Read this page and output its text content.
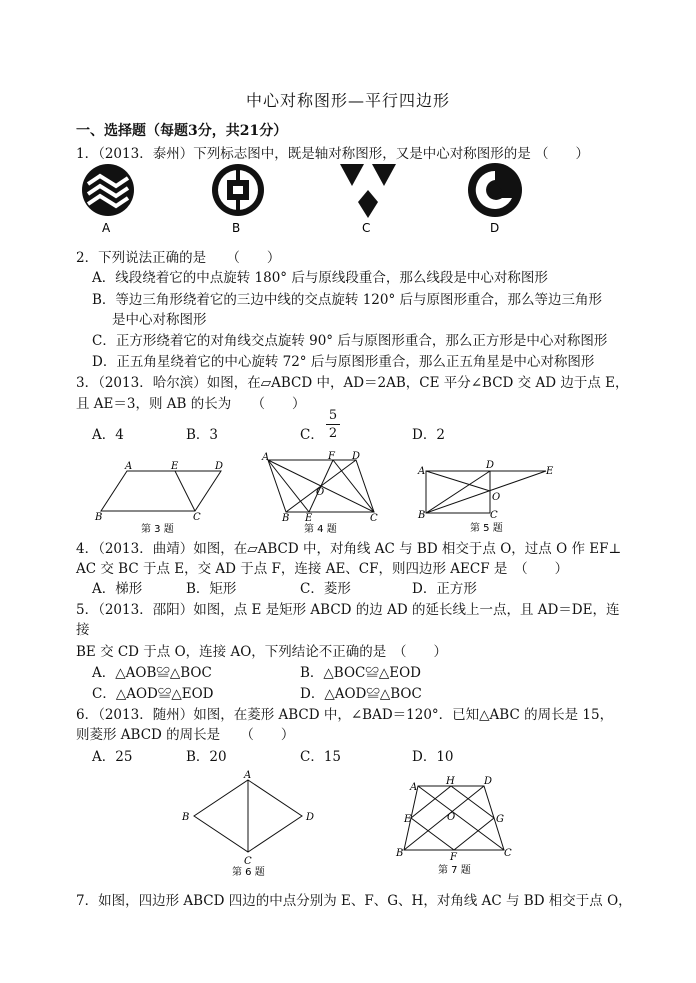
中心对称图形—平行四边形
一、选择题（每题3分，共21分）
1．（2013．泰州）下列标志图中，既是轴对称图形，又是中心对称图形的是 （　　）
A	B	C	D
2．下列说法正确的是　　（　　）
A．线段绕着它的中点旋转 180° 后与原线段重合，那么线段是中心对称图形
B．等边三角形绕着它的三边中线的交点旋转 120° 后与原图形重合，那么等边三角形
是中心对称图形
C．正方形绕着它的对角线交点旋转 90° 后与原图形重合，那么正方形是中心对称图形
D．正五角星绕着它的中心旋转 72° 后与原图形重合，那么正五角星是中心对称图形
3．（2013．哈尔滨）如图，在▱ABCD 中，AD＝2AB，CE 平分∠BCD 交 AD 边于点 E，
且 AE＝3，则 AB 的长为　　（　　）
A．4	B．3	C．
5
2	D．2
A	E	D
B	C
第 3 题
A	F D
O
B E	C
第 4 题
A
D
E
O
B	C
第 5 题
4．（2013．曲靖）如图，在▱ABCD 中，对角线 AC 与 BD 相交于点 O，过点 O 作 EF⊥
AC 交 BC 于点 E，交 AD 于点 F，连接 AE、CF，则四边形 AECF 是　（　　）
A．梯形	B．矩形	C．菱形	D．正方形
5．（2013．邵阳）如图，点 E 是矩形 ABCD 的边 AD 的延长线上一点，且 AD＝DE，连
接
BE 交 CD 于点 O，连接 AO，下列结论不正确的是　（　　）
A．△AOB≌△BOC	B．△BOC≌△EOD
C．△AOD≌△EOD	D．△AOD≌△BOC
6．（2013．随州）如图，在菱形 ABCD 中，∠BAD＝120°．已知△ABC 的周长是 15，
则菱形 ABCD 的周长是　　（　　）
A．25	B．20	C．15	D．10
A
B	D
C
第 6 题
A
H	D
E	O	G
B	F	C
第 7 题
7．如图，四边形 ABCD 四边的中点分别为 E、F、G、H，对角线 AC 与 BD 相交于点 O，
